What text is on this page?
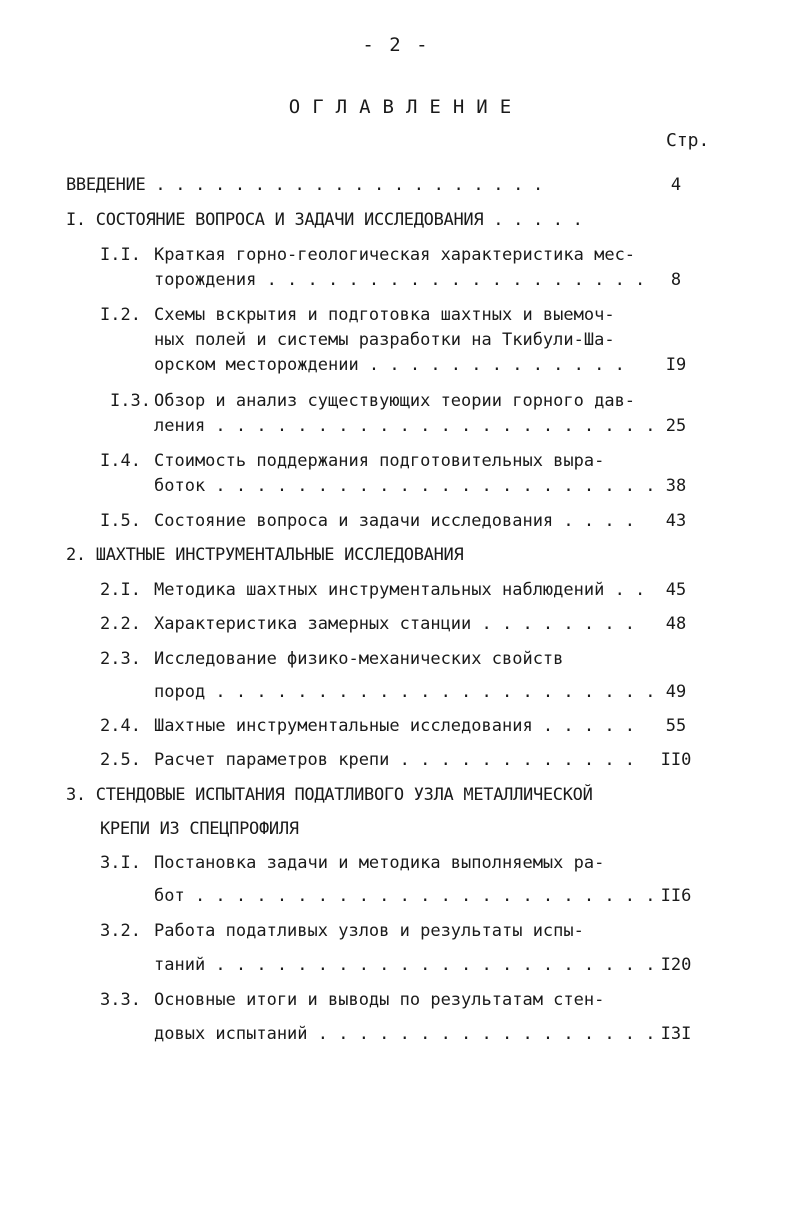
- 2 -
ОГЛАВЛЕНИЕ
Стр.
ВВЕДЕНИЕ . . . . . . . . . . . . . . . . . . . .	4
I. СОСТОЯНИЕ ВОПРОСА И ЗАДАЧИ ИССЛЕДОВАНИЯ . . . . .
I.I. Краткая горно-геологическая характеристика мес-
торождения . . . . . . . . . . . . . . . . . . .	8
I.2. Схемы вскрытия и подготовка шахтных и выемоч-
ных полей и системы разработки на Ткибули-Ша-
орском месторождении . . . . . . . . . . . . .	I9
I.3. Обзор и анализ существующих теории горного дав-
ления . . . . . . . . . . . . . . . . . . . . . . 25
I.4. Стоимость поддержания подготовительных выра-
боток . . . . . . . . . . . . . . . . . . . . . . 38
I.5. Состояние вопроса и задачи исследования . . . .	43
2. ШАХТНЫЕ ИНСТРУМЕНТАЛЬНЫЕ ИССЛЕДОВАНИЯ
2.I. Методика шахтных инструментальных наблюдений . .	45
2.2. Характеристика замерных станции . . . . . . . .	48
2.3. Исследование физико-механических свойств
пород . . . . . . . . . . . . . . . . . . . . . . 49
2.4. Шахтные инструментальные исследования . . . . .	55
2.5. Расчет параметров крепи . . . . . . . . . . . .	II0
3. СТЕНДОВЫЕ ИСПЫТАНИЯ ПОДАТЛИВОГО УЗЛА МЕТАЛЛИЧЕСКОЙ
КРЕПИ ИЗ СПЕЦПРОФИЛЯ
3.I. Постановка задачи и методика выполняемых ра-
бот . . . . . . . . . . . . . . . . . . . . . . . II6
3.2. Работа податливых узлов и результаты испы-
таний . . . . . . . . . . . . . . . . . . . . . . I20
3.3. Основные итоги и выводы по результатам стен-
довых испытаний . . . . . . . . . . . . . . . . . I3I
